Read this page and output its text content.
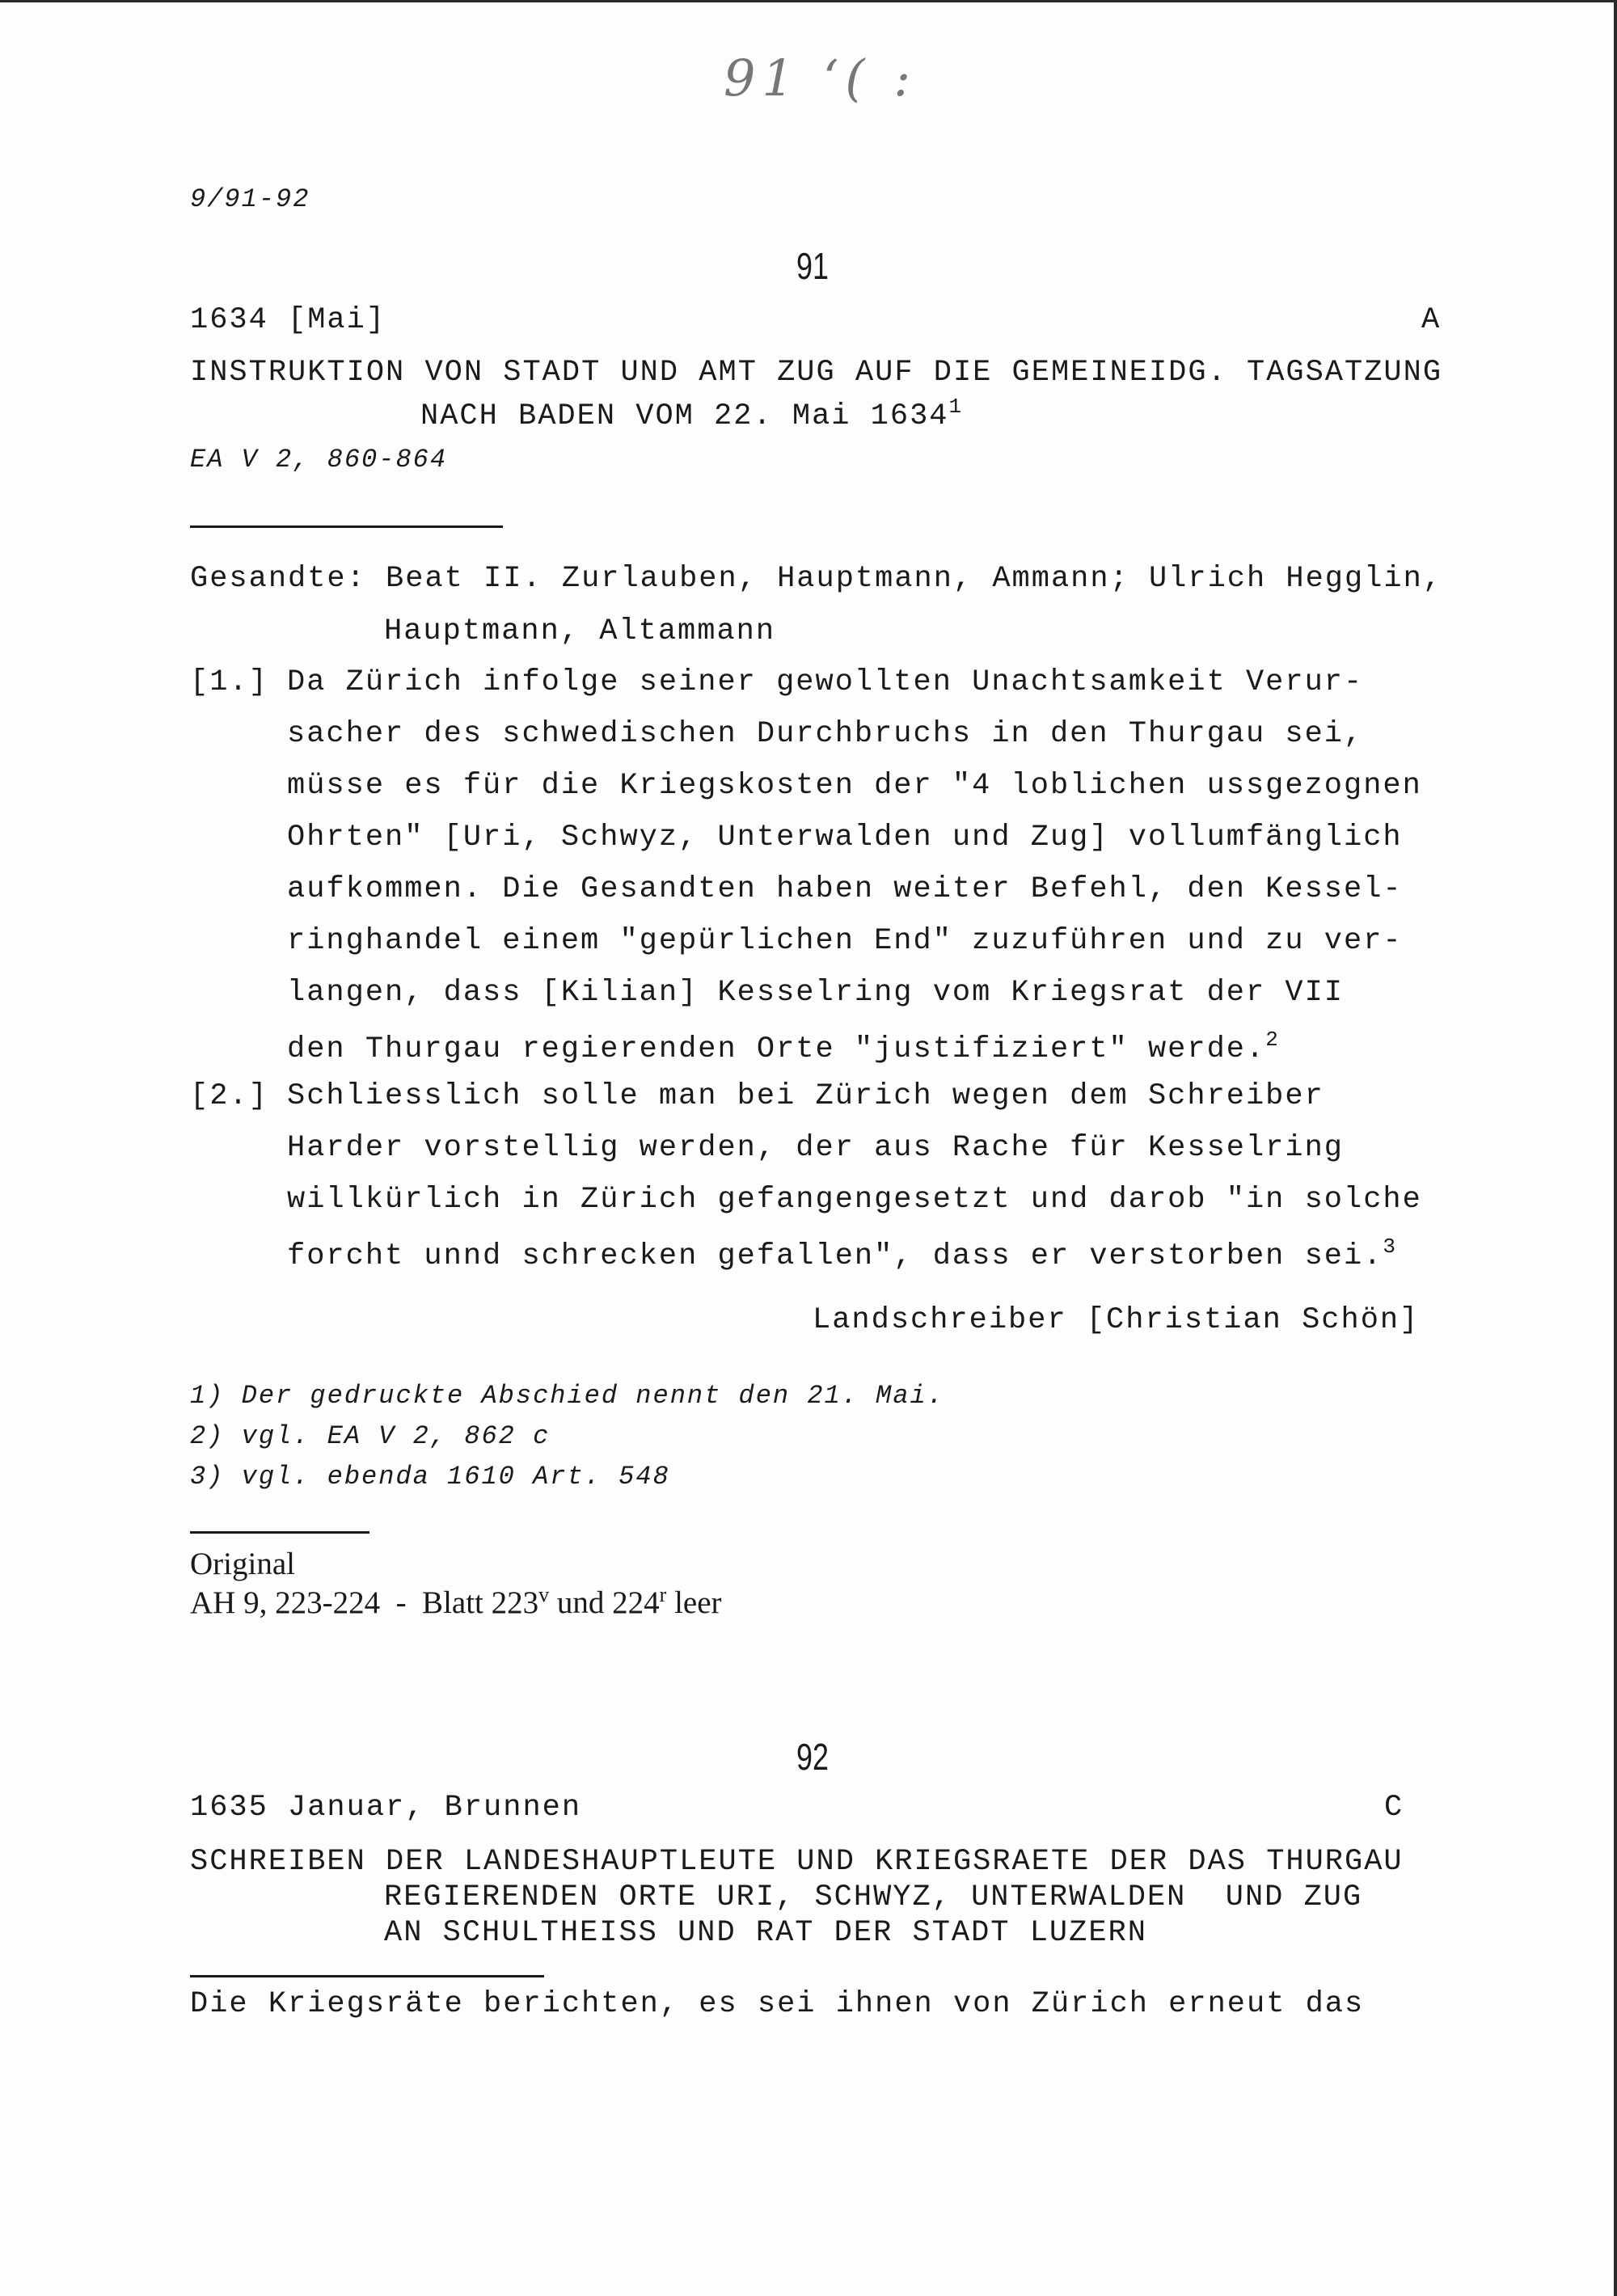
91 ‘( :
9/91-92
91
1634 [Mai]	A
INSTRUKTION VON STADT UND AMT ZUG AUF DIE GEMEINEIDG. TAGSATZUNG
NACH BADEN VOM 22. Mai 1634$^1$
EA V 2, 860-864
Gesandte: Beat II. Zurlauben, Hauptmann, Ammann; Ulrich Hegglin,
Hauptmann, Altammann
[1.] Da Zürich infolge seiner gewollten Unachtsamkeit Verur-
sacher des schwedischen Durchbruchs in den Thurgau sei,
müsse es für die Kriegskosten der "4 loblichen ussgezognen
Ohrten" [Uri, Schwyz, Unterwalden und Zug] vollumfänglich
aufkommen. Die Gesandten haben weiter Befehl, den Kessel-
ringhandel einem "gepürlichen End" zuzuführen und zu ver-
langen, dass [Kilian] Kesselring vom Kriegsrat der VII
den Thurgau regierenden Orte "justifiziert" werde.$^2$
[2.] Schliesslich solle man bei Zürich wegen dem Schreiber
Harder vorstellig werden, der aus Rache für Kesselring
willkürlich in Zürich gefangengesetzt und darob "in solche
forcht unnd schrecken gefallen", dass er verstorben sei.$^3$
Landschreiber [Christian Schön]
1) Der gedruckte Abschied nennt den 21. Mai.
2) vgl. EA V 2, 862 c
3) vgl. ebenda 1610 Art. 548
Original
AH 9, 223-224  -  Blatt 223$^v$ und 224$^r$ leer
92
1635 Januar, Brunnen	C
SCHREIBEN DER LANDESHAUPTLEUTE UND KRIEGSRAETE DER DAS THURGAU
REGIERENDEN ORTE URI, SCHWYZ, UNTERWALDEN  UND ZUG
AN SCHULTHEISS UND RAT DER STADT LUZERN
Die Kriegsräte berichten, es sei ihnen von Zürich erneut das
